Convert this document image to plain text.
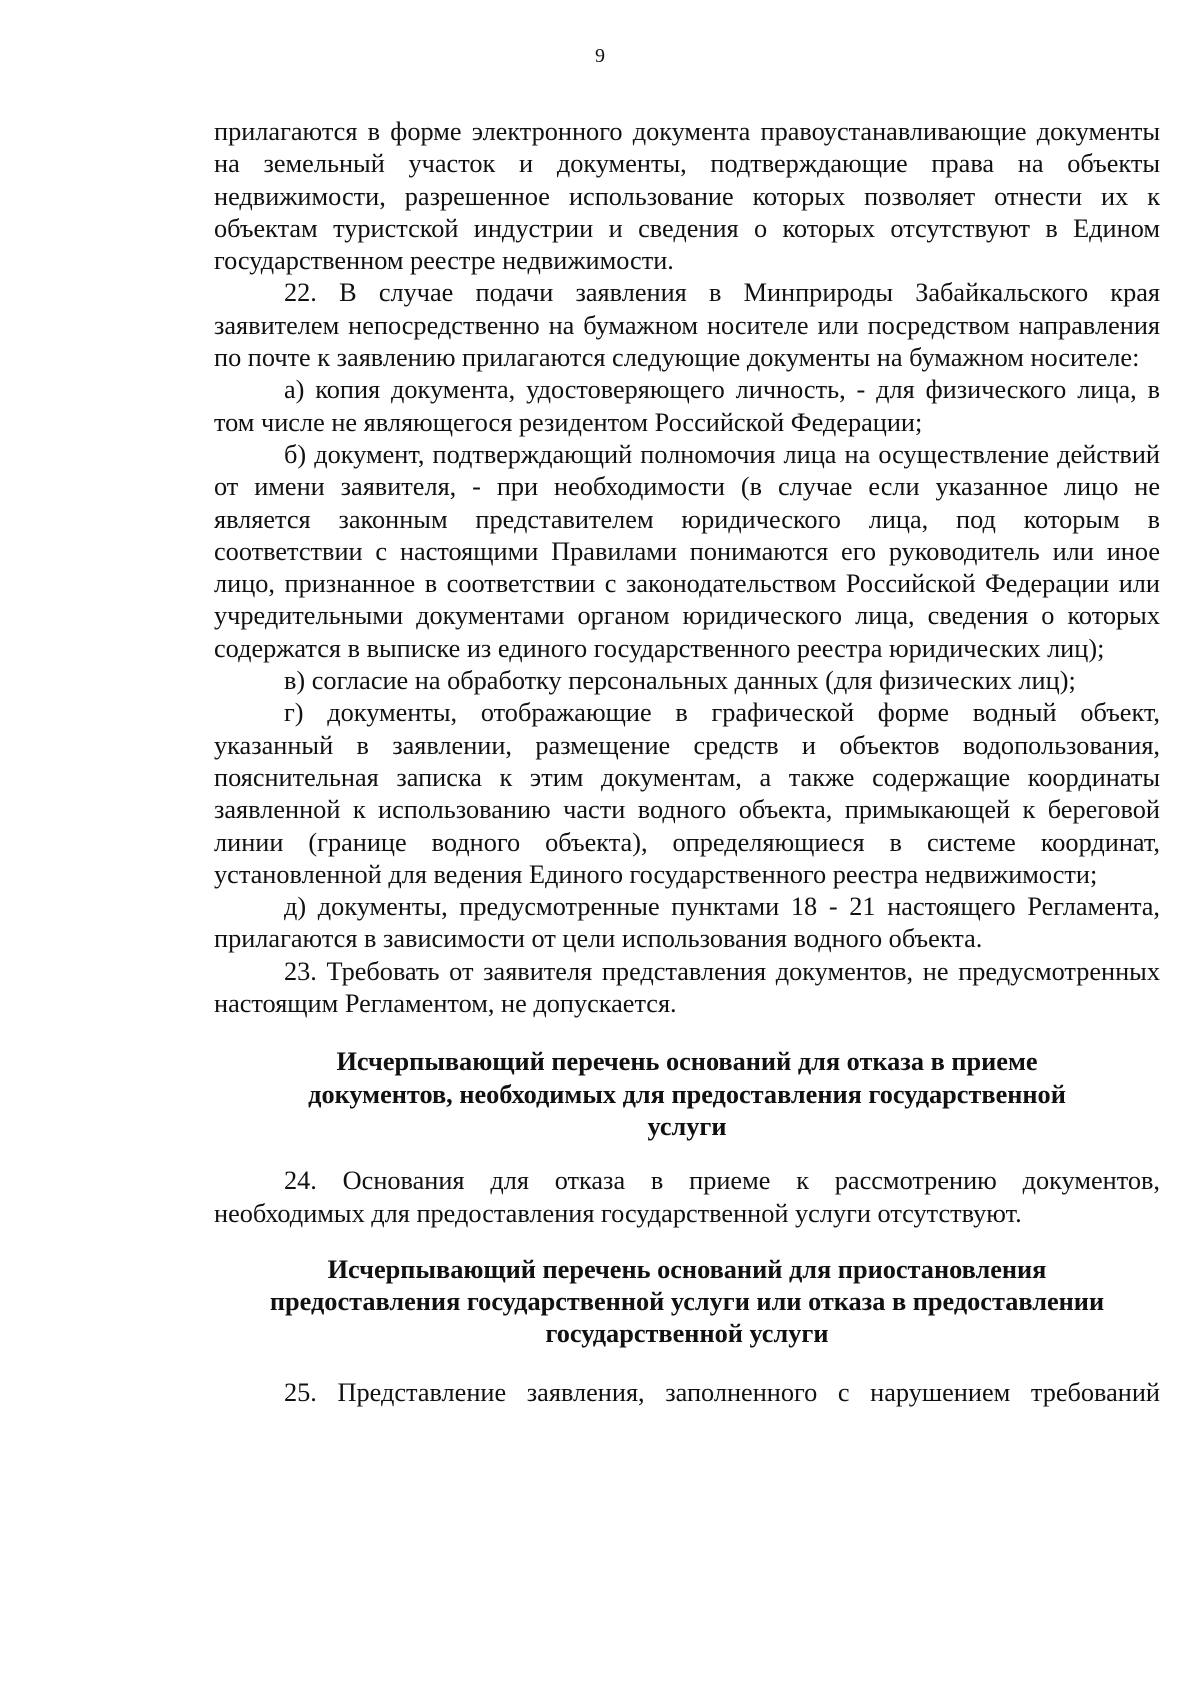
9

прилагаются в форме электронного документа правоустанавливающие документы на земельный участок и документы, подтверждающие права на объекты недвижимости, разрешенное использование которых позволяет отнести их к объектам туристской индустрии и сведения о которых отсутствуют в Едином государственном реестре недвижимости.

22. В случае подачи заявления в Минприроды Забайкальского края заявителем непосредственно на бумажном носителе или посредством направления по почте к заявлению прилагаются следующие документы на бумажном носителе:

а) копия документа, удостоверяющего личность, - для физического лица, в том числе не являющегося резидентом Российской Федерации;

б) документ, подтверждающий полномочия лица на осуществление действий от имени заявителя, - при необходимости (в случае если указанное лицо не является законным представителем юридического лица, под которым в соответствии с настоящими Правилами понимаются его руководитель или иное лицо, признанное в соответствии с законодательством Российской Федерации или учредительными документами органом юридического лица, сведения о которых содержатся в выписке из единого государственного реестра юридических лиц);

в) согласие на обработку персональных данных (для физических лиц);

г) документы, отображающие в графической форме водный объект, указанный в заявлении, размещение средств и объектов водопользования, пояснительная записка к этим документам, а также содержащие координаты заявленной к использованию части водного объекта, примыкающей к береговой линии (границе водного объекта), определяющиеся в системе координат, установленной для ведения Единого государственного реестра недвижимости;

д) документы, предусмотренные пунктами 18 - 21 настоящего Регламента, прилагаются в зависимости от цели использования водного объекта.

23. Требовать от заявителя представления документов, не предусмотренных настоящим Регламентом, не допускается.

Исчерпывающий перечень оснований для отказа в приеме
документов, необходимых для предоставления государственной
услуги

24. Основания для отказа в приеме к рассмотрению документов, необходимых для предоставления государственной услуги отсутствуют.

Исчерпывающий перечень оснований для приостановления
предоставления государственной услуги или отказа в предоставлении
государственной услуги

25. Представление заявления, заполненного с нарушением требований
